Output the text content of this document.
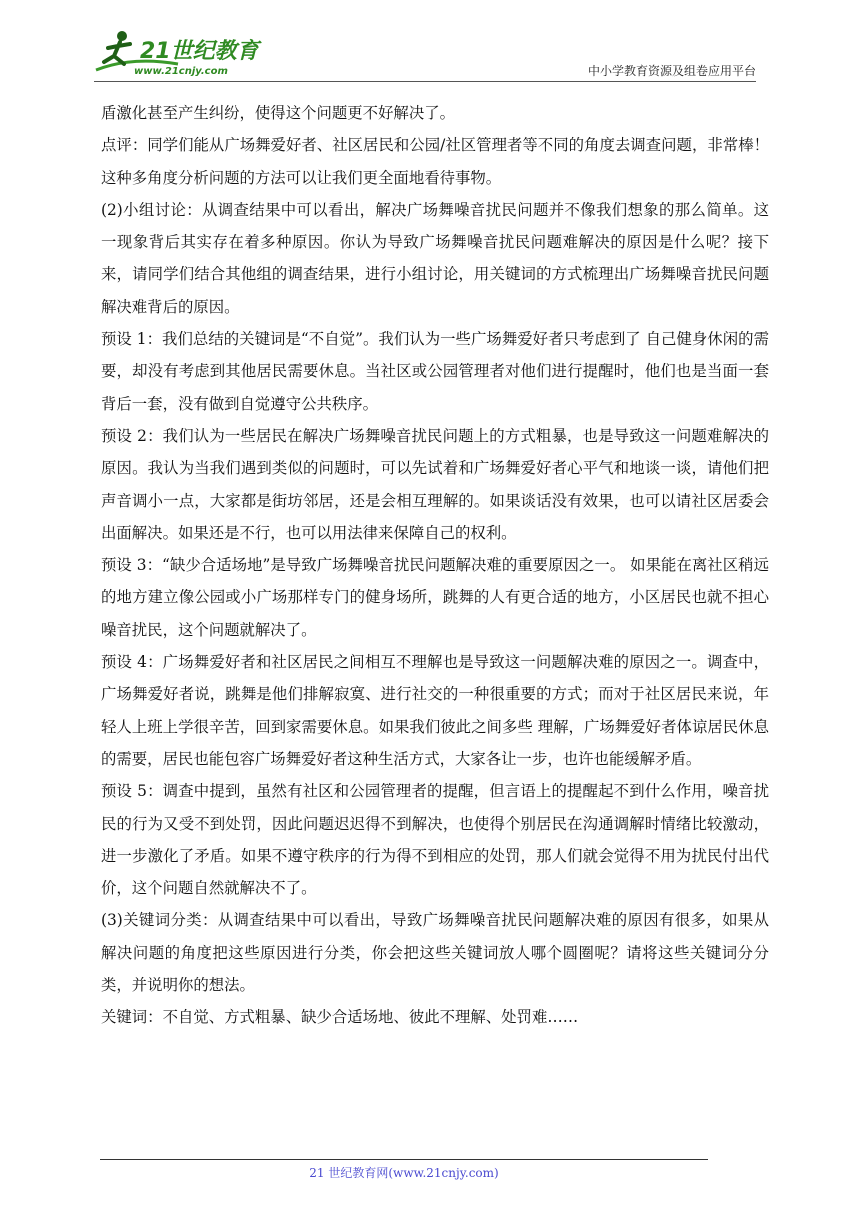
21世纪教育
www.21cnjy.com	中小学教育资源及组卷应用平台

盾激化甚至产生纠纷，使得这个问题更不好解决了。

点评：同学们能从广场舞爱好者、社区居民和公园/社区管理者等不同的角度去调查问题，非常棒！这种多角度分析问题的方法可以让我们更全面地看待事物。

(2)小组讨论：从调查结果中可以看出，解决广场舞噪音扰民问题并不像我们想象的那么简单。这一现象背后其实存在着多种原因。你认为导致广场舞噪音扰民问题难解决的原因是什么呢？接下来，请同学们结合其他组的调查结果，进行小组讨论，用关键词的方式梳理出广场舞噪音扰民问题解决难背后的原因。

预设 1：我们总结的关键词是“不自觉”。我们认为一些广场舞爱好者只考虑到了 自己健身休闲的需要，却没有考虑到其他居民需要休息。当社区或公园管理者对他们进行提醒时，他们也是当面一套背后一套，没有做到自觉遵守公共秩序。

预设 2：我们认为一些居民在解决广场舞噪音扰民问题上的方式粗暴，也是导致这一问题难解决的原因。我认为当我们遇到类似的问题时，可以先试着和广场舞爱好者心平气和地谈一谈，请他们把声音调小一点，大家都是街坊邻居，还是会相互理解的。如果谈话没有效果，也可以请社区居委会出面解决。如果还是不行，也可以用法律来保障自己的权利。

预设 3：“缺少合适场地”是导致广场舞噪音扰民问题解决难的重要原因之一。 如果能在离社区稍远的地方建立像公园或小广场那样专门的健身场所，跳舞的人有更合适的地方，小区居民也就不担心噪音扰民，这个问题就解决了。

预设 4：广场舞爱好者和社区居民之间相互不理解也是导致这一问题解决难的原因之一。调查中，广场舞爱好者说，跳舞是他们排解寂寞、进行社交的一种很重要的方式；而对于社区居民来说，年轻人上班上学很辛苦，回到家需要休息。如果我们彼此之间多些 理解，广场舞爱好者体谅居民休息的需要，居民也能包容广场舞爱好者这种生活方式，大家各让一步，也许也能缓解矛盾。

预设 5：调查中提到，虽然有社区和公园管理者的提醒，但言语上的提醒起不到什么作用，噪音扰民的行为又受不到处罚，因此问题迟迟得不到解决，也使得个别居民在沟通调解时情绪比较激动，进一步激化了矛盾。如果不遵守秩序的行为得不到相应的处罚，那人们就会觉得不用为扰民付出代价，这个问题自然就解决不了。

(3)关键词分类：从调查结果中可以看出，导致广场舞噪音扰民问题解决难的原因有很多，如果从解决问题的角度把这些原因进行分类，你会把这些关键词放人哪个圆圈呢？请将这些关键词分分类，并说明你的想法。

关键词：不自觉、方式粗暴、缺少合适场地、彼此不理解、处罚难……

21 世纪教育网(www.21cnjy.com)
